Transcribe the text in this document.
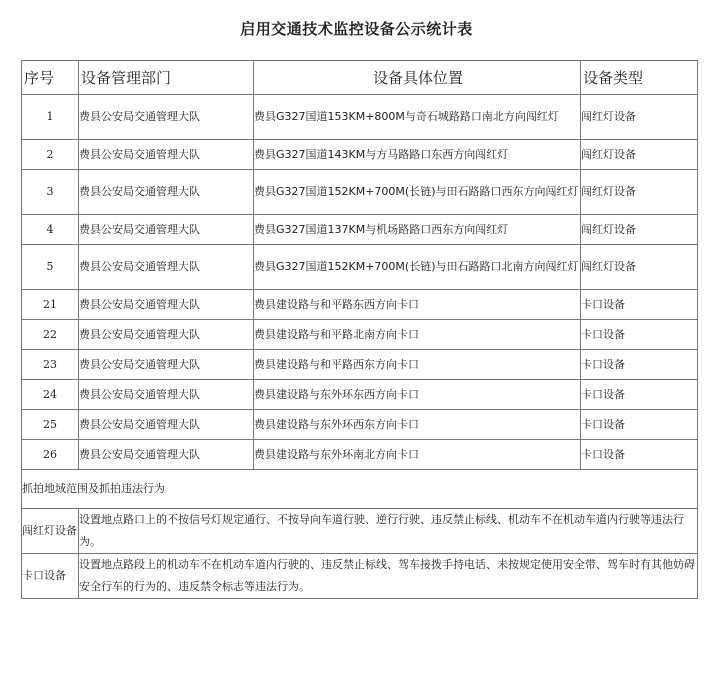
启用交通技术监控设备公示统计表
序号	设备管理部门	设备具体位置	设备类型
1	费县公安局交通管理大队	费县G327国道153KM+800M与奇石城路路口南北方向闯红灯	闯红灯设备
2	费县公安局交通管理大队	费县G327国道143KM与方马路路口东西方向闯红灯	闯红灯设备
3	费县公安局交通管理大队	费县G327国道152KM+700M(长链)与田石路路口西东方向闯红灯	闯红灯设备
4	费县公安局交通管理大队	费县G327国道137KM与机场路路口西东方向闯红灯	闯红灯设备
5	费县公安局交通管理大队	费县G327国道152KM+700M(长链)与田石路路口北南方向闯红灯	闯红灯设备
21	费县公安局交通管理大队	费县建设路与和平路东西方向卡口	卡口设备
22	费县公安局交通管理大队	费县建设路与和平路北南方向卡口	卡口设备
23	费县公安局交通管理大队	费县建设路与和平路西东方向卡口	卡口设备
24	费县公安局交通管理大队	费县建设路与东外环东西方向卡口	卡口设备
25	费县公安局交通管理大队	费县建设路与东外环西东方向卡口	卡口设备
26	费县公安局交通管理大队	费县建设路与东外环南北方向卡口	卡口设备
抓拍地域范围及抓拍违法行为			
闯红灯设备	设置地点路口上的不按信号灯规定通行、不按导向车道行驶、逆行行驶、违反禁止标线、机动车不在机动车道内行驶等违法行为。		
卡口设备	设置地点路段上的机动车不在机动车道内行驶的、违反禁止标线、驾车接拨手持电话、未按规定使用安全带、驾车时有其他妨碍安全行车的行为的、违反禁令标志等违法行为。		
